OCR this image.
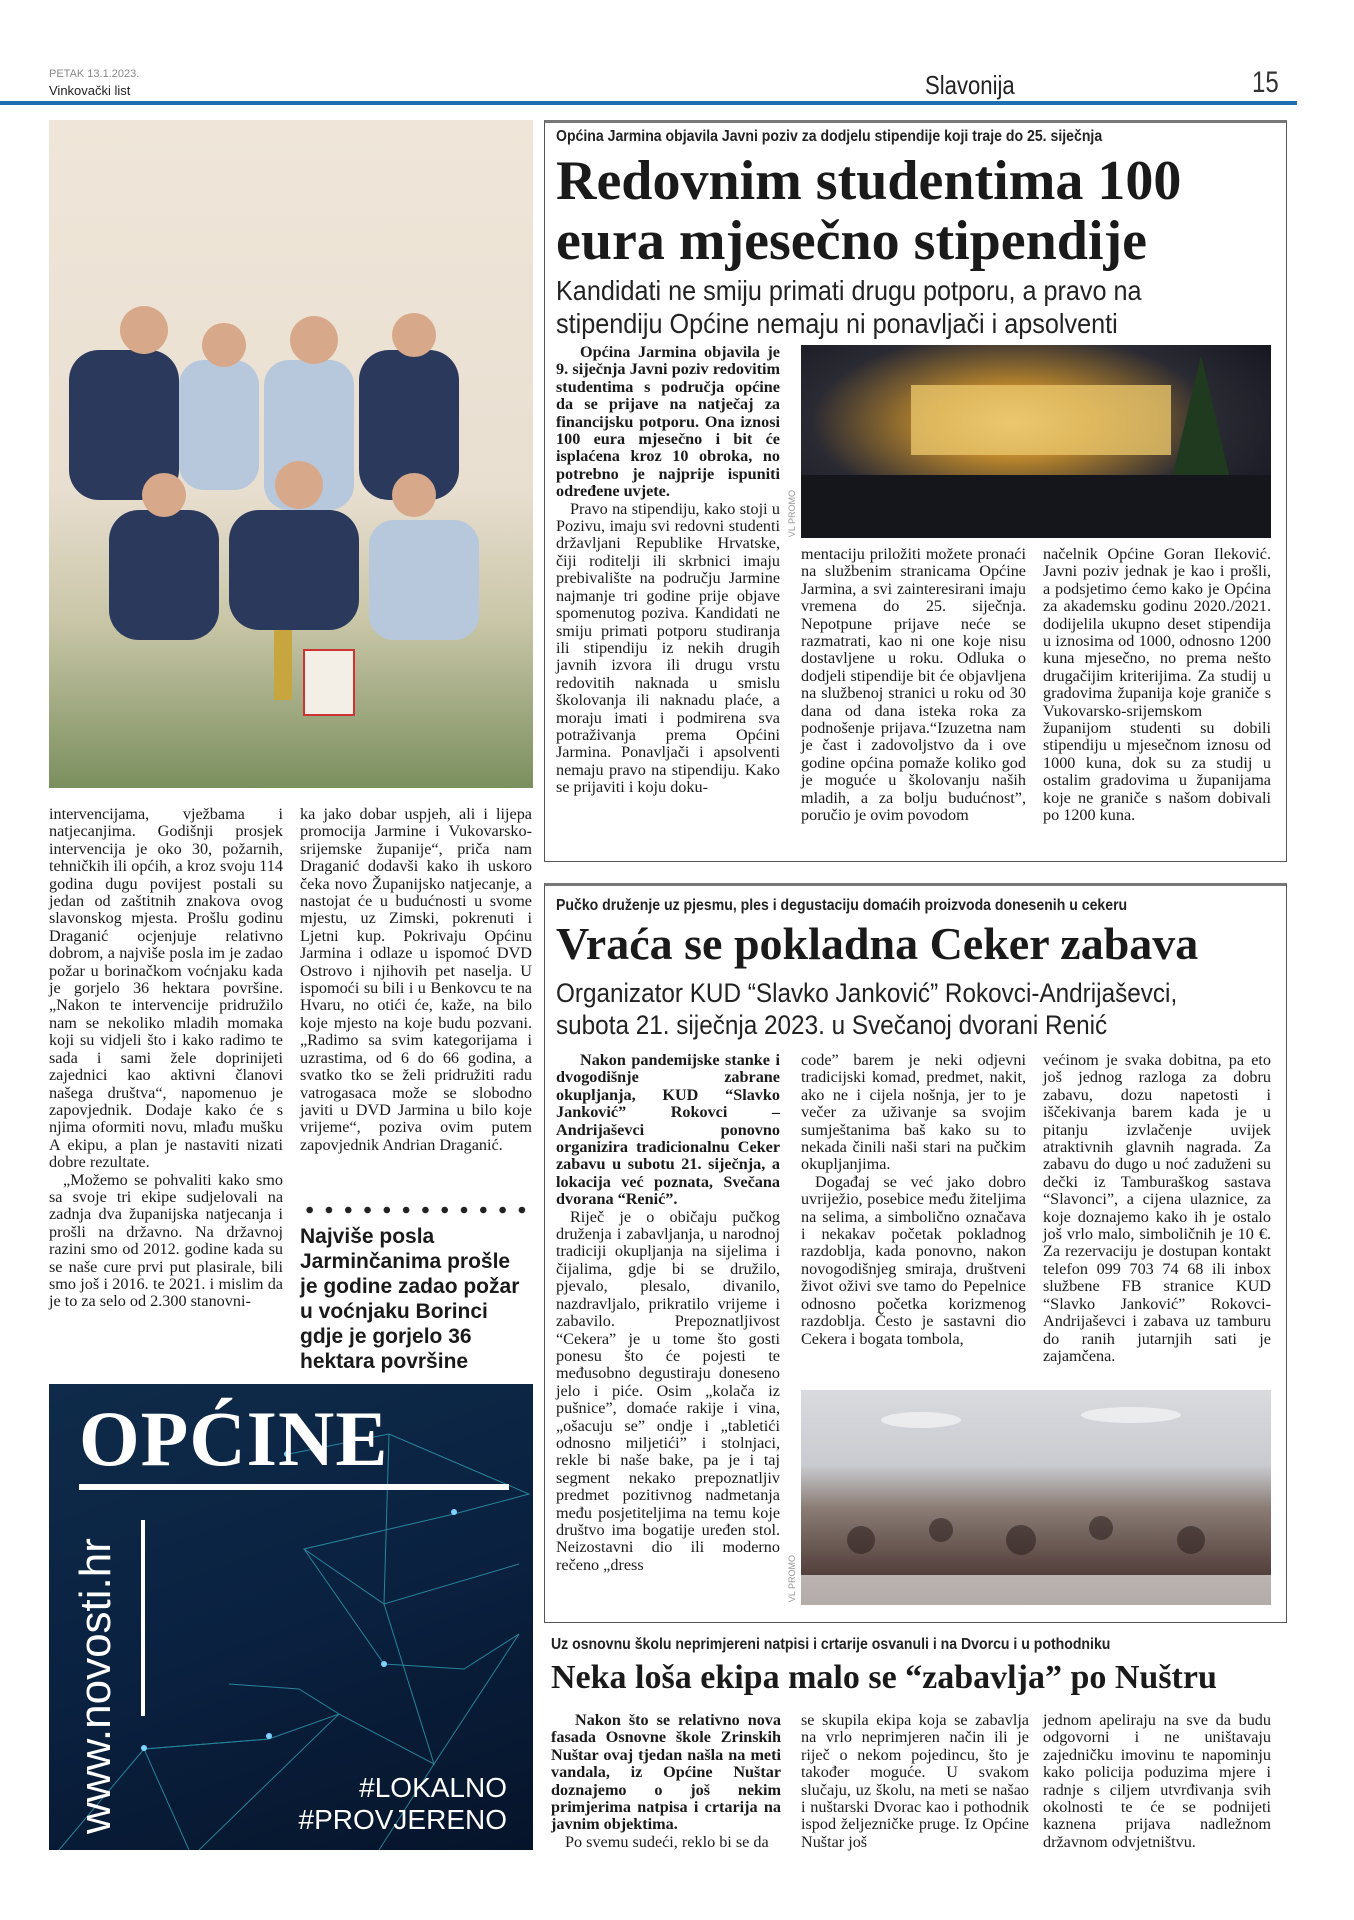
PETAK 13.1.2023.
Vinkovački list	Slavonija	15

intervencijama, vježbama i natjecanjima. Godišnji prosjek intervencija je oko 30, požarnih, tehničkih ili općih, a kroz svoju 114 godina dugu povijest postali su jedan od zaštitnih znakova ovog slavonskog mjesta. Prošlu godinu Draganić ocjenjuje relativno dobrom, a najviše posla im je zadao požar u borinačkom voćnjaku kada je gorjelo 36 hektara površine. „Nakon te intervencije pridružilo nam se nekoliko mladih momaka koji su vidjeli što i kako radimo te sada i sami žele doprinijeti zajednici kao aktivni članovi našega društva“, napomenuo je zapovjednik. Dodaje kako će s njima oformiti novu, mlađu mušku A ekipu, a plan je nastaviti nizati dobre rezultate.

„Možemo se pohvaliti kako smo sa svoje tri ekipe sudjelovali na zadnja dva županijska natjecanja i prošli na državno. Na državnoj razini smo od 2012. godine kada su se naše cure prvi put plasirale, bili smo još i 2016. te 2021. i mislim da je to za selo od 2.300 stanovni-

ka jako dobar uspjeh, ali i lijepa promocija Jarmine i Vukovarsko-srijemske županije“, priča nam Draganić dodavši kako ih uskoro čeka novo Županijsko natjecanje, a nastojat će u budućnosti u svome mjestu, uz Zimski, pokrenuti i Ljetni kup. Pokrivaju Općinu Jarmina i odlaze u ispomoć DVD Ostrovo i njihovih pet naselja. U ispomoći su bili i u Benkovcu te na Hvaru, no otići će, kaže, na bilo koje mjesto na koje budu pozvani. „Radimo sa svim kategorijama i uzrastima, od 6 do 66 godina, a svatko tko se želi pridružiti radu vatrogasaca može se slobodno javiti u DVD Jarmina u bilo koje vrijeme“, poziva ovim putem zapovjednik Andrian Draganić.

Najviše posla Jarminčanima prošle je godine zadao požar u voćnjaku Borinci gdje je gorjelo 36 hektara površine
OPĆINE
www.novosti.hr	#LOKALNO
#PROVJERENO
Općina Jarmina objavila Javni poziv za dodjelu stipendije koji traje do 25. siječnja
Redovnim studentima 100
eura mjesečno stipendije
Kandidati ne smiju primati drugu potporu, a pravo na
stipendiju Općine nemaju ni ponavljači i apsolventi

Općina Jarmina objavila je 9. siječnja Javni poziv redovitim studentima s područja općine da se prijave na natječaj za financijsku potporu. Ona iznosi 100 eura mjesečno i bit će isplaćena kroz 10 obroka, no potrebno je najprije ispuniti određene uvjete.

Pravo na stipendiju, kako stoji u Pozivu, imaju svi redovni studenti državljani Republike Hrvatske, čiji roditelji ili skrbnici imaju prebivalište na području Jarmine najmanje tri godine prije objave spomenutog poziva. Kandidati ne smiju primati potporu studiranja ili stipendiju iz nekih drugih javnih izvora ili drugu vrstu redovitih naknada u smislu školovanja ili naknadu plaće, a moraju imati i podmirena sva potraživanja prema Općini Jarmina. Ponavljači i apsolventi nemaju pravo na stipendiju. Kako se prijaviti i koju doku-

VL PROMO

mentaciju priložiti možete pronaći na službenim stranicama Općine Jarmina, a svi zainteresirani imaju vremena do 25. siječnja. Nepotpune prijave neće se razmatrati, kao ni one koje nisu dostavljene u roku. Odluka o dodjeli stipendije bit će objavljena na službenoj stranici u roku od 30 dana od dana isteka roka za podnošenje prijava.“Izuzetna nam je čast i zadovoljstvo da i ove godine općina pomaže koliko god je moguće u školovanju naših mladih, a za bolju budućnost”, poručio je ovim povodom

načelnik Općine Goran Ileković. Javni poziv jednak je kao i prošli, a podsjetimo ćemo kako je Općina za akademsku godinu 2020./2021. dodijelila ukupno deset stipendija u iznosima od 1000, odnosno 1200 kuna mjesečno, no prema nešto drugačijim kriterijima. Za studij u gradovima županija koje graniče s Vukovarsko-srijemskom županijom studenti su dobili stipendiju u mjesečnom iznosu od 1000 kuna, dok su za studij u ostalim gradovima u županijama koje ne graniče s našom dobivali po 1200 kuna.

Pučko druženje uz pjesmu, ples i degustaciju domaćih proizvoda donesenih u cekeru
Vraća se pokladna Ceker zabava
Organizator KUD “Slavko Janković” Rokovci-Andrijaševci,
subota 21. siječnja 2023. u Svečanoj dvorani Renić

Nakon pandemijske stanke i dvogodišnje zabrane okupljanja, KUD “Slavko Janković” Rokovci – Andrijaševci ponovno organizira tradicionalnu Ceker zabavu u subotu 21. siječnja, a lokacija već poznata, Svečana dvorana “Renić”.

Riječ je o običaju pučkog druženja i zabavljanja, u narodnoj tradiciji okupljanja na sijelima i čijalima, gdje bi se družilo, pjevalo, plesalo, divanilo, nazdravljalo, prikratilo vrijeme i zabavilo. Prepoznatljivost “Cekera” je u tome što gosti ponesu što će pojesti te međusobno degustiraju doneseno jelo i piće. Osim „kolača iz pušnice”, domaće rakije i vina, „ošacuju se” ondje i „tabletići odnosno miljetići” i stolnjaci, rekle bi naše bake, pa je i taj segment nekako prepoznatljiv predmet pozitivnog nadmetanja među posjetiteljima na temu koje društvo ima bogatije uređen stol. Neizostavni dio ili moderno rečeno „dress	VL PROMO

code” barem je neki odjevni tradicijski komad, predmet, nakit, ako ne i cijela nošnja, jer to je večer za uživanje sa svojim sumještanima baš kako su to nekada činili naši stari na pučkim okupljanjima.

Događaj se već jako dobro uvriježio, posebice među žiteljima na selima, a simbolično označava i nekakav početak pokladnog razdoblja, kada ponovno, nakon novogodišnjeg smiraja, društveni život oživi sve tamo do Pepelnice odnosno početka korizmenog razdoblja. Često je sastavni dio Cekera i bogata tombola,

većinom je svaka dobitna, pa eto još jednog razloga za dobru zabavu, dozu napetosti i iščekivanja barem kada je u pitanju izvlačenje uvijek atraktivnih glavnih nagrada. Za zabavu do dugo u noć zaduženi su dečki iz Tamburaškog sastava “Slavonci”, a cijena ulaznice, za koje doznajemo kako ih je ostalo još vrlo malo, simboličnih je 10 €. Za rezervaciju je dostupan kontakt telefon 099 703 74 68 ili inbox službene FB stranice KUD “Slavko Janković” Rokovci-Andrijaševci i zabava uz tamburu do ranih jutarnjih sati je zajamčena.

Uz osnovnu školu neprimjereni natpisi i crtarije osvanuli i na Dvorcu i u pothodniku
Neka loša ekipa malo se “zabavlja” po Nuštru

Nakon što se relativno nova fasada Osnovne škole Zrinskih Nuštar ovaj tjedan našla na meti vandala, iz Općine Nuštar doznajemo o još nekim primjerima natpisa i crtarija na javnim objektima.

Po svemu sudeći, reklo bi se da

se skupila ekipa koja se zabavlja na vrlo neprimjeren način ili je riječ o nekom pojedincu, što je također moguće. U svakom slučaju, uz školu, na meti se našao i nuštarski Dvorac kao i pothodnik ispod željezničke pruge. Iz Općine Nuštar još

jednom apeliraju na sve da budu odgovorni i ne uništavaju zajedničku imovinu te napominju kako policija poduzima mjere i radnje s ciljem utvrđivanja svih okolnosti te će se podnijeti kaznena prijava nadležnom državnom odvjetništvu.
